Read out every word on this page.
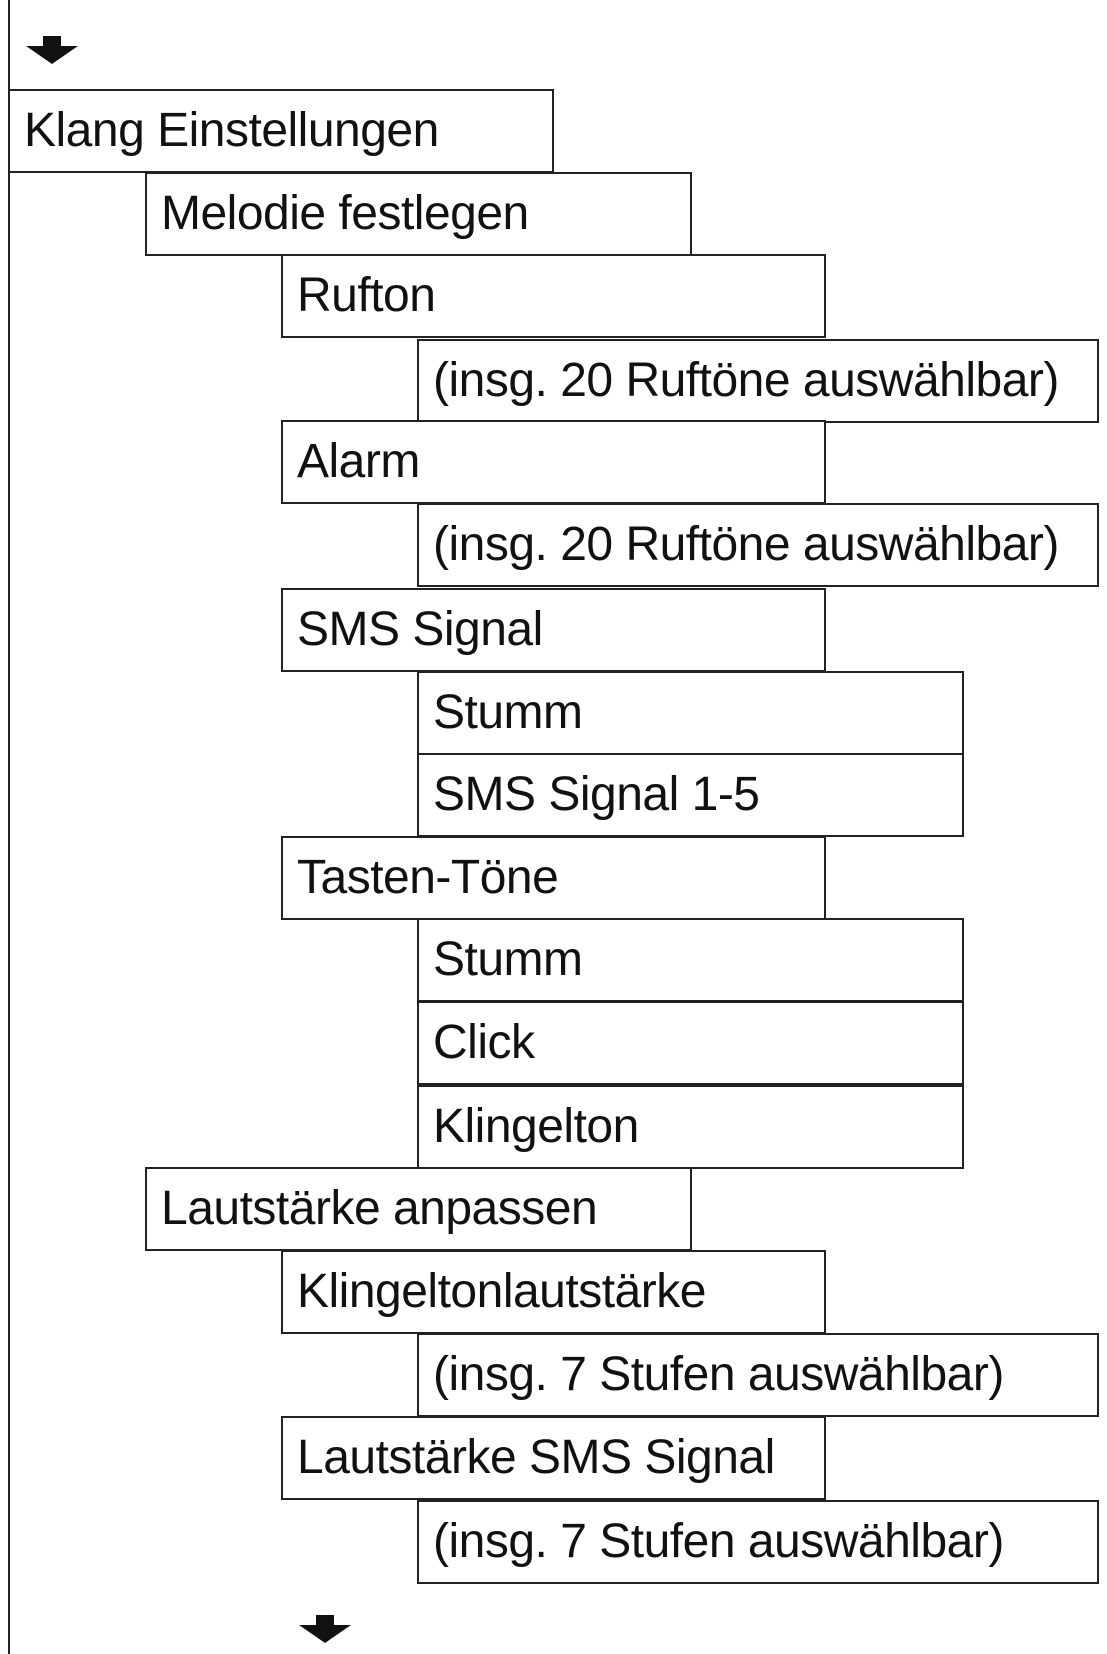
Klang Einstellungen
Melodie festlegen
Rufton
(insg. 20 Ruftöne auswählbar)
Alarm
(insg. 20 Ruftöne auswählbar)
SMS Signal
Stumm
SMS Signal 1-5
Tasten-Töne
Stumm
Click
Klingelton
Lautstärke anpassen
Klingeltonlautstärke
(insg. 7 Stufen auswählbar)
Lautstärke SMS Signal
(insg. 7 Stufen auswählbar)
